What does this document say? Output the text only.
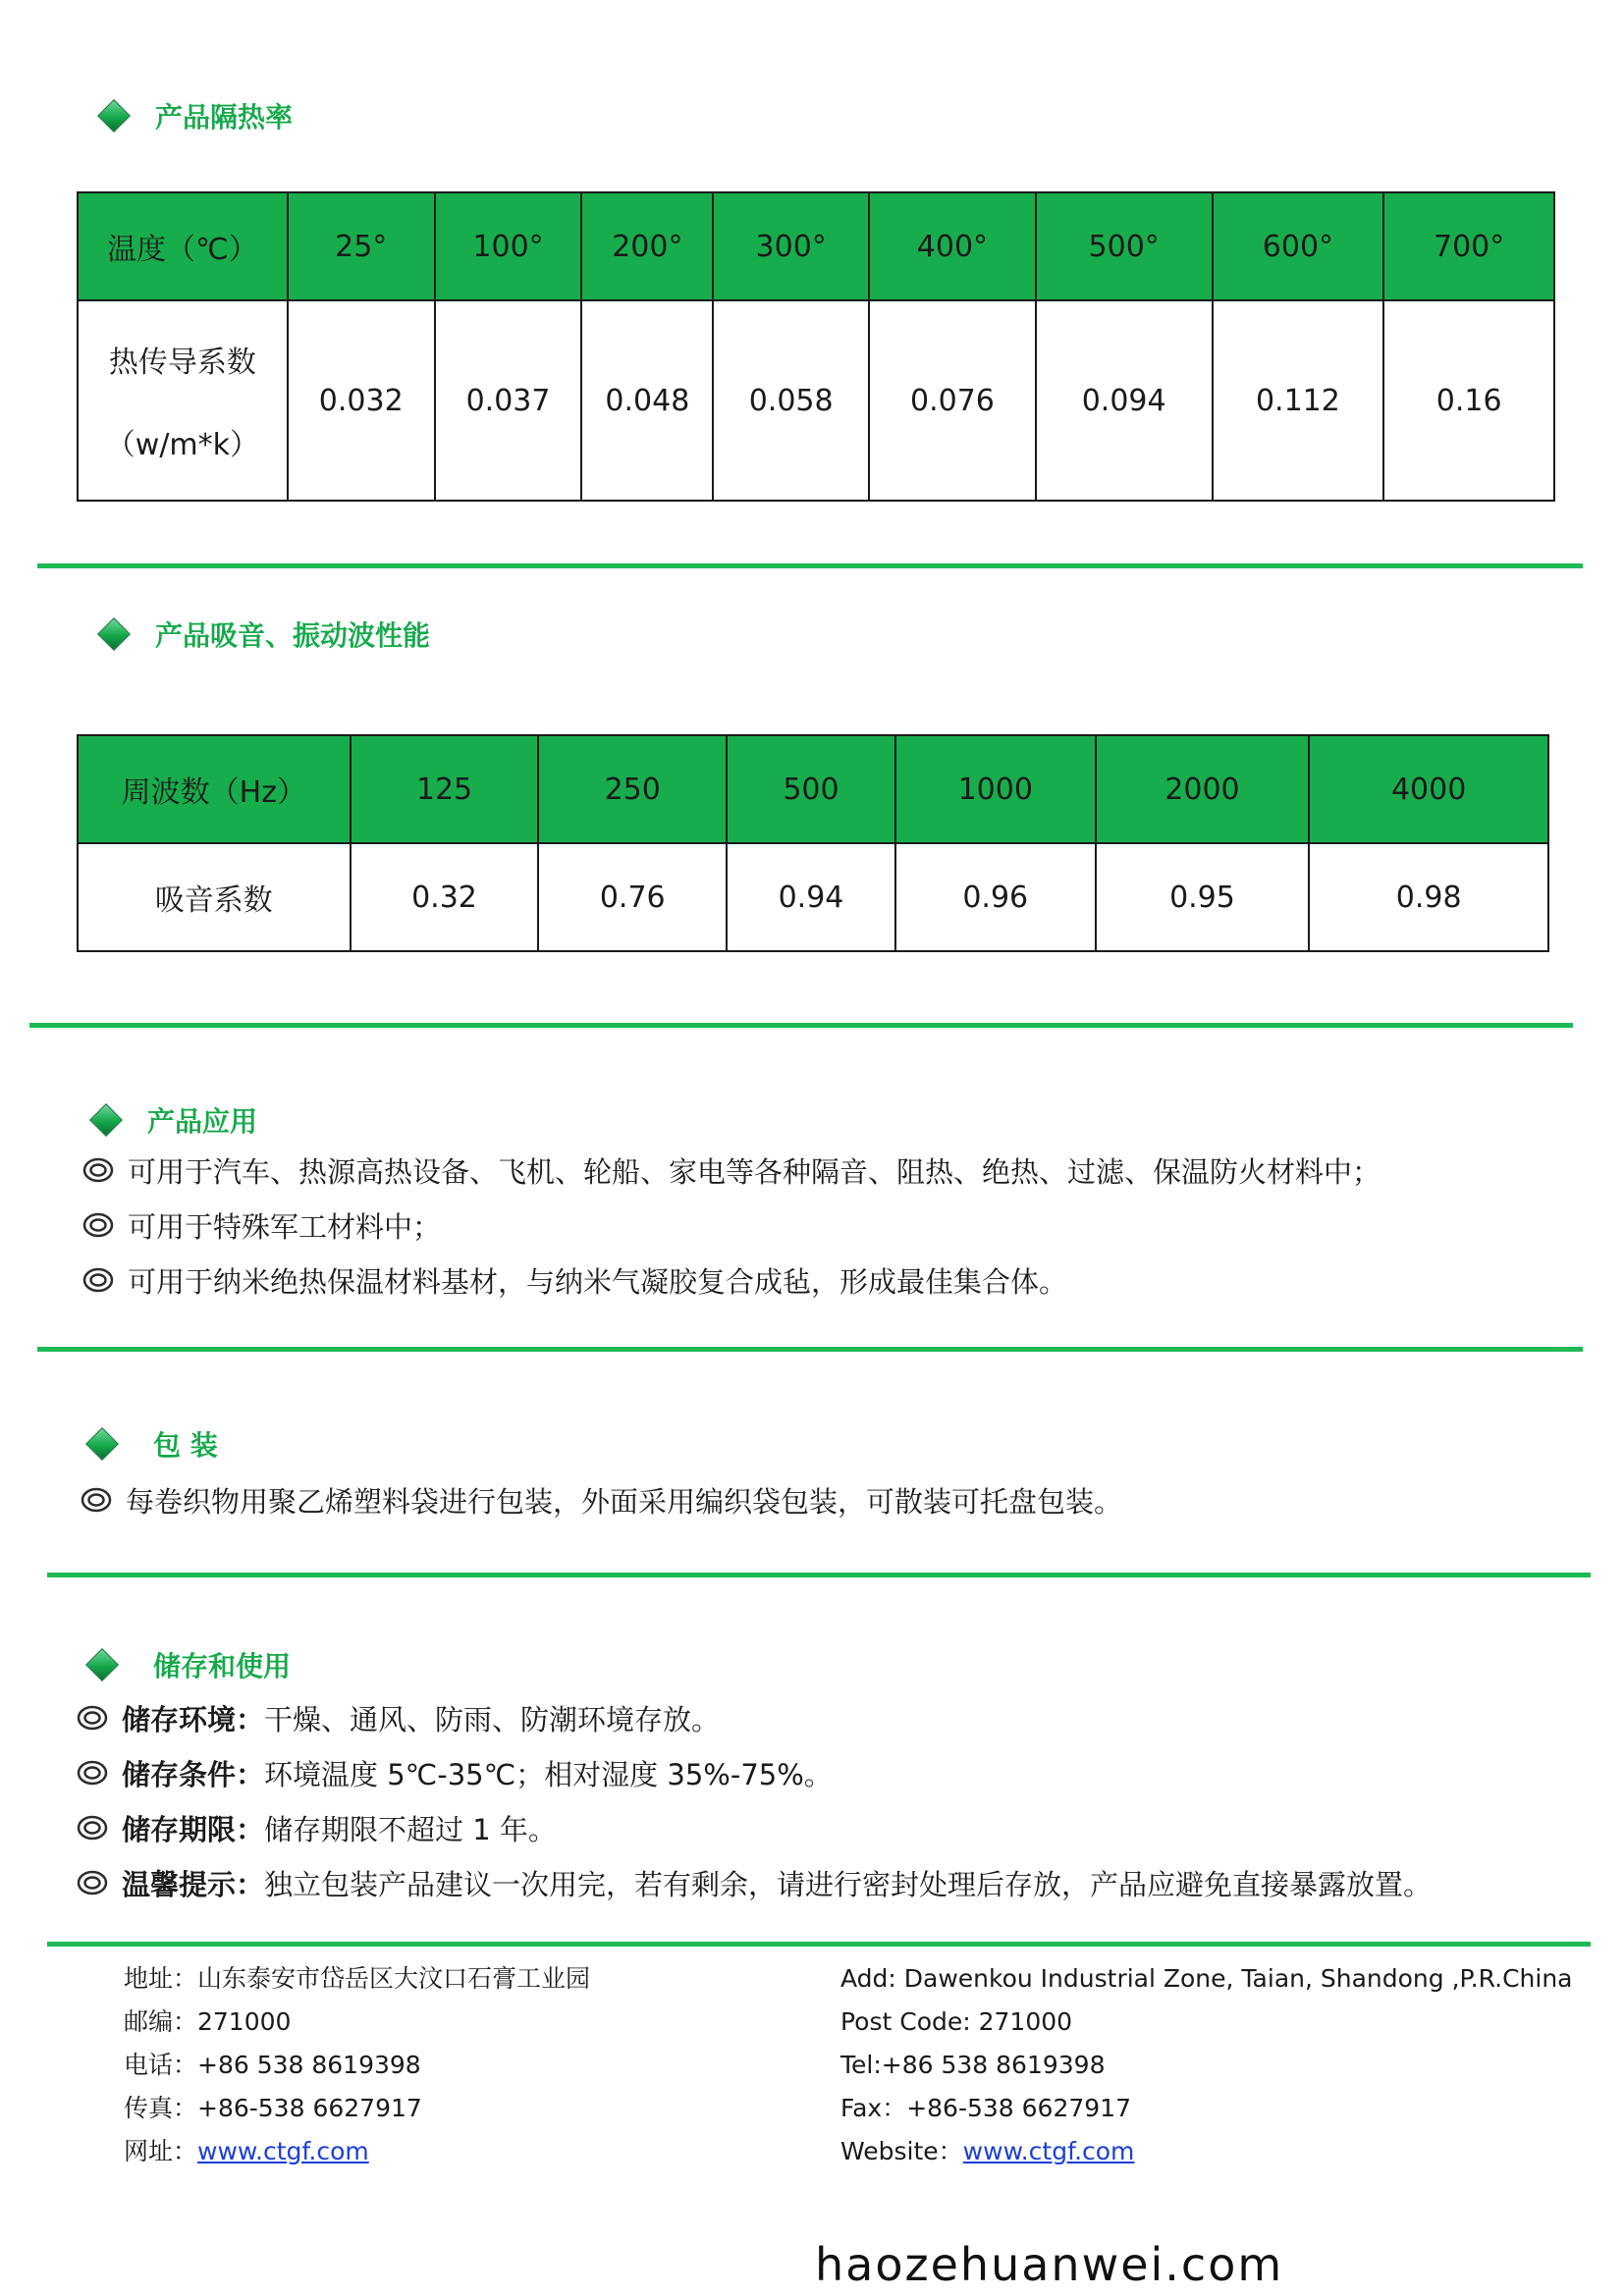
产品隔热率
温度（℃）	25°	100°	200°	300°	400°	500°	600°	700°

热传导系数
（w/m*k）	0.032	0.037	0.048	0.058	0.076	0.094	0.112	0.16
产品吸音、振动波性能
周波数（Hz）	125	250	500	1000	2000	4000
吸音系数	0.32	0.76	0.94	0.96	0.95	0.98
产品应用
可用于汽车、热源高热设备、飞机、轮船、家电等各种隔音、阻热、绝热、过滤、保温防火材料中；
可用于特殊军工材料中；
可用于纳米绝热保温材料基材，与纳米气凝胶复合成毡，形成最佳集合体。
包 装
每卷织物用聚乙烯塑料袋进行包装，外面采用编织袋包装，可散装可托盘包装。
储存和使用
储存环境： 干燥、通风、防雨、防潮环境存放。
储存条件： 环境温度 5℃-35℃；相对湿度 35%-75%。
储存期限： 储存期限不超过 1 年。
温馨提示： 独立包装产品建议一次用完，若有剩余，请进行密封处理后存放，产品应避免直接暴露放置。
地址：山东泰安市岱岳区大汶口石膏工业园
邮编：271000
电话：+86 538 8619398
传真：+86-538 6627917
网址：www.ctgf.com
Add: Dawenkou Industrial Zone, Taian, Shandong ,P.R.China
Post Code: 271000
Tel:+86 538 8619398
Fax：+86-538 6627917
Website：www.ctgf.com
haozehuanwei.com
